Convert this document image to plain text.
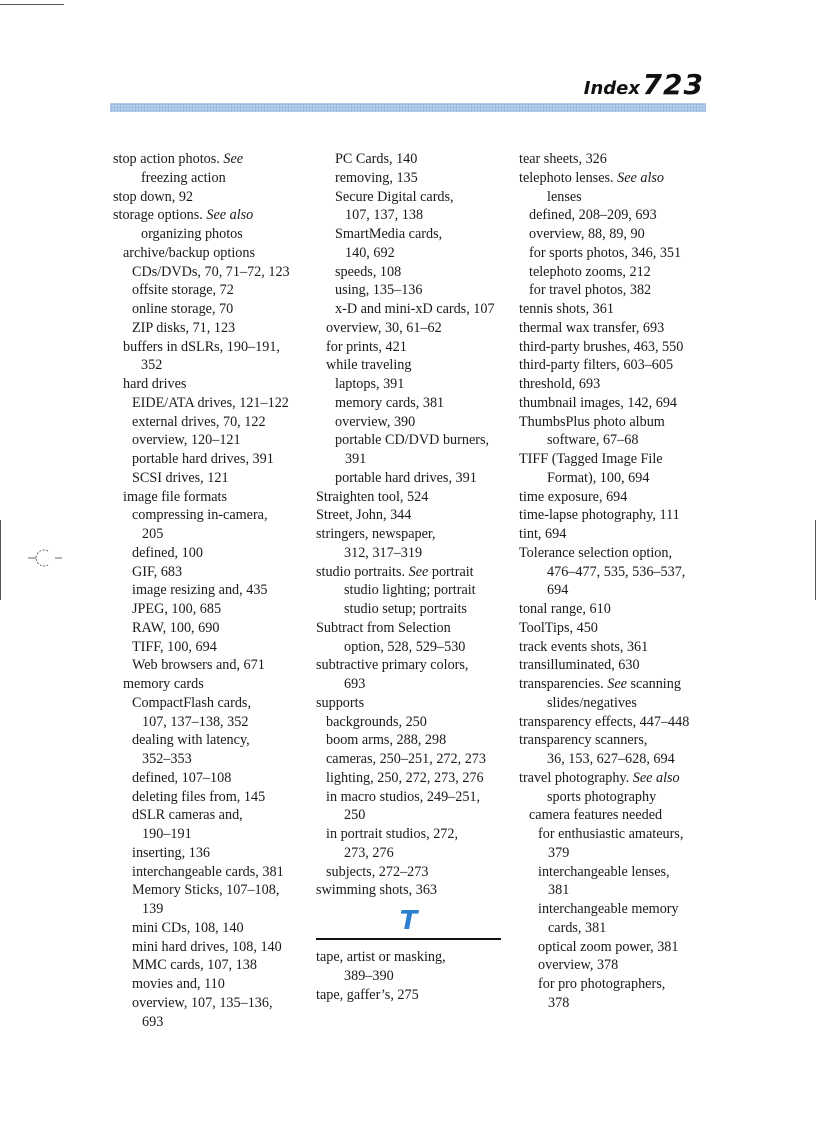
Index 723
stop action photos. See
freezing action
stop down, 92
storage options. See also
organizing photos
archive/backup options
CDs/DVDs, 70, 71–72, 123
offsite storage, 72
online storage, 70
ZIP disks, 71, 123
buffers in dSLRs, 190–191,
352
hard drives
EIDE/ATA drives, 121–122
external drives, 70, 122
overview, 120–121
portable hard drives, 391
SCSI drives, 121
image file formats
compressing in-camera,
205
defined, 100
GIF, 683
image resizing and, 435
JPEG, 100, 685
RAW, 100, 690
TIFF, 100, 694
Web browsers and, 671
memory cards
CompactFlash cards,
107, 137–138, 352
dealing with latency,
352–353
defined, 107–108
deleting files from, 145
dSLR cameras and,
190–191
inserting, 136
interchangeable cards, 381
Memory Sticks, 107–108,
139
mini CDs, 108, 140
mini hard drives, 108, 140
MMC cards, 107, 138
movies and, 110
overview, 107, 135–136,
693
PC Cards, 140
removing, 135
Secure Digital cards,
107, 137, 138
SmartMedia cards,
140, 692
speeds, 108
using, 135–136
x-D and mini-xD cards, 107
overview, 30, 61–62
for prints, 421
while traveling
laptops, 391
memory cards, 381
overview, 390
portable CD/DVD burners,
391
portable hard drives, 391
Straighten tool, 524
Street, John, 344
stringers, newspaper,
312, 317–319
studio portraits. See portrait
studio lighting; portrait
studio setup; portraits
Subtract from Selection
option, 528, 529–530
subtractive primary colors,
693
supports
backgrounds, 250
boom arms, 288, 298
cameras, 250–251, 272, 273
lighting, 250, 272, 273, 276
in macro studios, 249–251,
250
in portrait studios, 272,
273, 276
subjects, 272–273
swimming shots, 363
T
tape, artist or masking,
389–390
tape, gaffer’s, 275
tear sheets, 326
telephoto lenses. See also
lenses
defined, 208–209, 693
overview, 88, 89, 90
for sports photos, 346, 351
telephoto zooms, 212
for travel photos, 382
tennis shots, 361
thermal wax transfer, 693
third-party brushes, 463, 550
third-party filters, 603–605
threshold, 693
thumbnail images, 142, 694
ThumbsPlus photo album
software, 67–68
TIFF (Tagged Image File
Format), 100, 694
time exposure, 694
time-lapse photography, 111
tint, 694
Tolerance selection option,
476–477, 535, 536–537,
694
tonal range, 610
ToolTips, 450
track events shots, 361
transilluminated, 630
transparencies. See scanning
slides/negatives
transparency effects, 447–448
transparency scanners,
36, 153, 627–628, 694
travel photography. See also
sports photography
camera features needed
for enthusiastic amateurs,
379
interchangeable lenses,
381
interchangeable memory
cards, 381
optical zoom power, 381
overview, 378
for pro photographers,
378
